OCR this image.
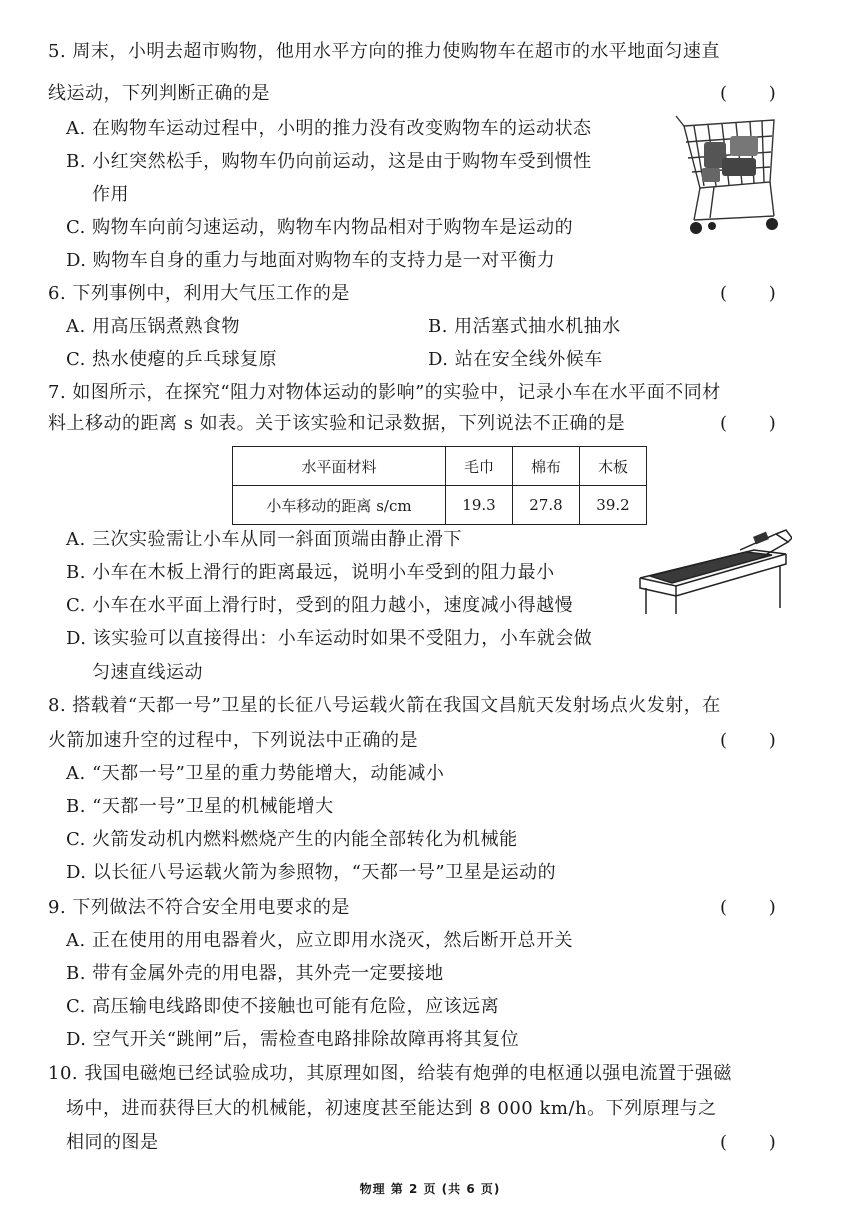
5. 周末，小明去超市购物，他用水平方向的推力使购物车在超市的水平地面匀速直
线运动，下列判断正确的是	( )
A. 在购物车运动过程中，小明的推力没有改变购物车的运动状态
B. 小红突然松手，购物车仍向前运动，这是由于购物车受到惯性
作用
C. 购物车向前匀速运动，购物车内物品相对于购物车是运动的
D. 购物车自身的重力与地面对购物车的支持力是一对平衡力
6. 下列事例中，利用大气压工作的是	( )
A. 用高压锅煮熟食物	B. 用活塞式抽水机抽水
C. 热水使瘪的乒乓球复原	D. 站在安全线外候车
7. 如图所示，在探究“阻力对物体运动的影响”的实验中，记录小车在水平面不同材
料上移动的距离 s 如表。关于该实验和记录数据，下列说法不正确的是	( )
水平面材料	毛巾	棉布	木板
小车移动的距离 s/cm	19.3	27.8	39.2
A. 三次实验需让小车从同一斜面顶端由静止滑下
B. 小车在木板上滑行的距离最远，说明小车受到的阻力最小
C. 小车在水平面上滑行时，受到的阻力越小，速度减小得越慢
D. 该实验可以直接得出：小车运动时如果不受阻力，小车就会做
匀速直线运动
8. 搭载着“天都一号”卫星的长征八号运载火箭在我国文昌航天发射场点火发射，在
火箭加速升空的过程中，下列说法中正确的是	( )
A. “天都一号”卫星的重力势能增大，动能减小
B. “天都一号”卫星的机械能增大
C. 火箭发动机内燃料燃烧产生的内能全部转化为机械能
D. 以长征八号运载火箭为参照物，“天都一号”卫星是运动的
9. 下列做法不符合安全用电要求的是	( )
A. 正在使用的用电器着火，应立即用水浇灭，然后断开总开关
B. 带有金属外壳的用电器，其外壳一定要接地
C. 高压输电线路即使不接触也可能有危险，应该远离
D. 空气开关“跳闸”后，需检查电路排除故障再将其复位
10. 我国电磁炮已经试验成功，其原理如图，给装有炮弹的电枢通以强电流置于强磁
场中，进而获得巨大的机械能，初速度甚至能达到 8 000 km/h。下列原理与之
相同的图是	( )
物理 第 2 页 (共 6 页)
